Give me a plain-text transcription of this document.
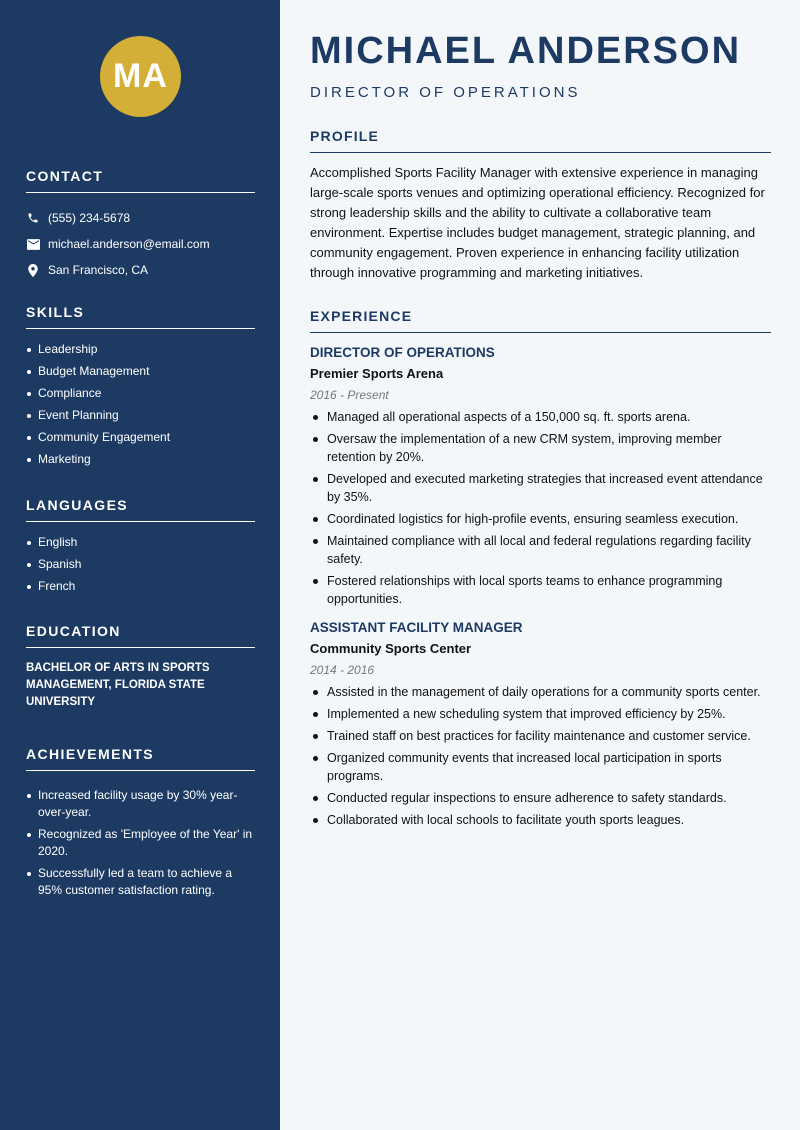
MA
CONTACT
(555) 234-5678
michael.anderson@email.com
San Francisco, CA
SKILLS
Leadership
Budget Management
Compliance
Event Planning
Community Engagement
Marketing
LANGUAGES
English
Spanish
French
EDUCATION
BACHELOR OF ARTS IN SPORTS MANAGEMENT, FLORIDA STATE UNIVERSITY
ACHIEVEMENTS
Increased facility usage by 30% year-over-year.
Recognized as 'Employee of the Year' in 2020.
Successfully led a team to achieve a 95% customer satisfaction rating.
MICHAEL ANDERSON
DIRECTOR OF OPERATIONS
PROFILE
Accomplished Sports Facility Manager with extensive experience in managing large-scale sports venues and optimizing operational efficiency. Recognized for strong leadership skills and the ability to cultivate a collaborative team environment. Expertise includes budget management, strategic planning, and community engagement. Proven experience in enhancing facility utilization through innovative programming and marketing initiatives.
EXPERIENCE
DIRECTOR OF OPERATIONS
Premier Sports Arena
2016 - Present
Managed all operational aspects of a 150,000 sq. ft. sports arena.
Oversaw the implementation of a new CRM system, improving member retention by 20%.
Developed and executed marketing strategies that increased event attendance by 35%.
Coordinated logistics for high-profile events, ensuring seamless execution.
Maintained compliance with all local and federal regulations regarding facility safety.
Fostered relationships with local sports teams to enhance programming opportunities.
ASSISTANT FACILITY MANAGER
Community Sports Center
2014 - 2016
Assisted in the management of daily operations for a community sports center.
Implemented a new scheduling system that improved efficiency by 25%.
Trained staff on best practices for facility maintenance and customer service.
Organized community events that increased local participation in sports programs.
Conducted regular inspections to ensure adherence to safety standards.
Collaborated with local schools to facilitate youth sports leagues.
